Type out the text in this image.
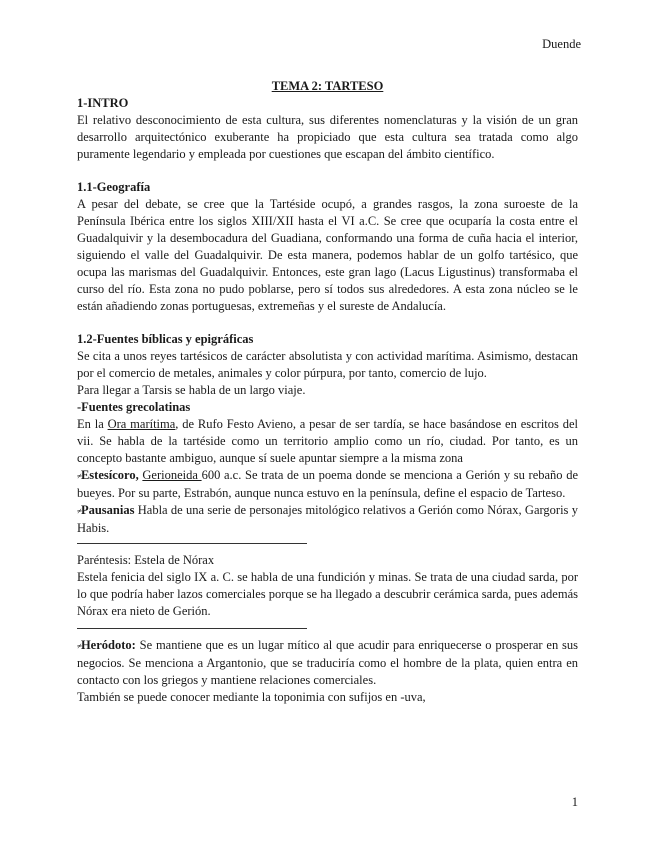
Duende

TEMA 2: TARTESO

1-INTRO

El relativo desconocimiento de esta cultura, sus diferentes nomenclaturas y la visión de un gran desarrollo arquitectónico exuberante ha propiciado que esta cultura sea tratada como algo puramente legendario y empleada por cuestiones que escapan del ámbito científico.

1.1-Geografía

A pesar del debate, se cree que la Tartéside ocupó, a grandes rasgos, la zona suroeste de la Península Ibérica entre los siglos XIII/XII hasta el VI a.C. Se cree que ocuparía la costa entre el Guadalquivir y la desembocadura del Guadiana, conformando una forma de cuña hacia el interior, siguiendo el valle del Guadalquivir. De esta manera, podemos hablar de un golfo tartésico, que ocupa las marismas del Guadalquivir. Entonces, este gran lago (Lacus Ligustinus) transformaba el curso del río. Esta zona no pudo poblarse, pero sí todos sus alrededores. A esta zona núcleo se le están añadiendo zonas portuguesas, extremeñas y el sureste de Andalucía.

1.2-Fuentes bíblicas y epigráficas

Se cita a unos reyes tartésicos de carácter absolutista y con actividad marítima. Asimismo, destacan por el comercio de metales, animales y color púrpura, por tanto, comercio de lujo.

Para llegar a Tarsis se habla de un largo viaje.

-Fuentes grecolatinas

En la Ora marítima, de Rufo Festo Avieno, a pesar de ser tardía, se hace basándose en escritos del vii. Se habla de la tartéside como un territorio amplio como un río, ciudad. Por tanto, es un concepto bastante ambiguo, aunque sí suele apuntar siempre a la misma zona

≠Estesícoro, Gerioneida 600 a.c. Se trata de un poema donde se menciona a Gerión y su rebaño de bueyes. Por su parte, Estrabón, aunque nunca estuvo en la península, define el espacio de Tarteso.

≠Pausanias Habla de una serie de personajes mitológico relativos a Gerión como Nórax, Gargoris y Habis.

Paréntesis: Estela de Nórax

Estela fenicia del siglo IX a. C. se habla de una fundición y minas. Se trata de una ciudad sarda, por lo que podría haber lazos comerciales porque se ha llegado a descubrir cerámica sarda, pues además Nórax era nieto de Gerión.

≠Heródoto: Se mantiene que es un lugar mítico al que acudir para enriquecerse o prosperar en sus negocios. Se menciona a Argantonio, que se traduciría como el hombre de la plata, quien entra en contacto con los griegos y mantiene relaciones comerciales.

También se puede conocer mediante la toponimia con sufijos en -uva,

1
